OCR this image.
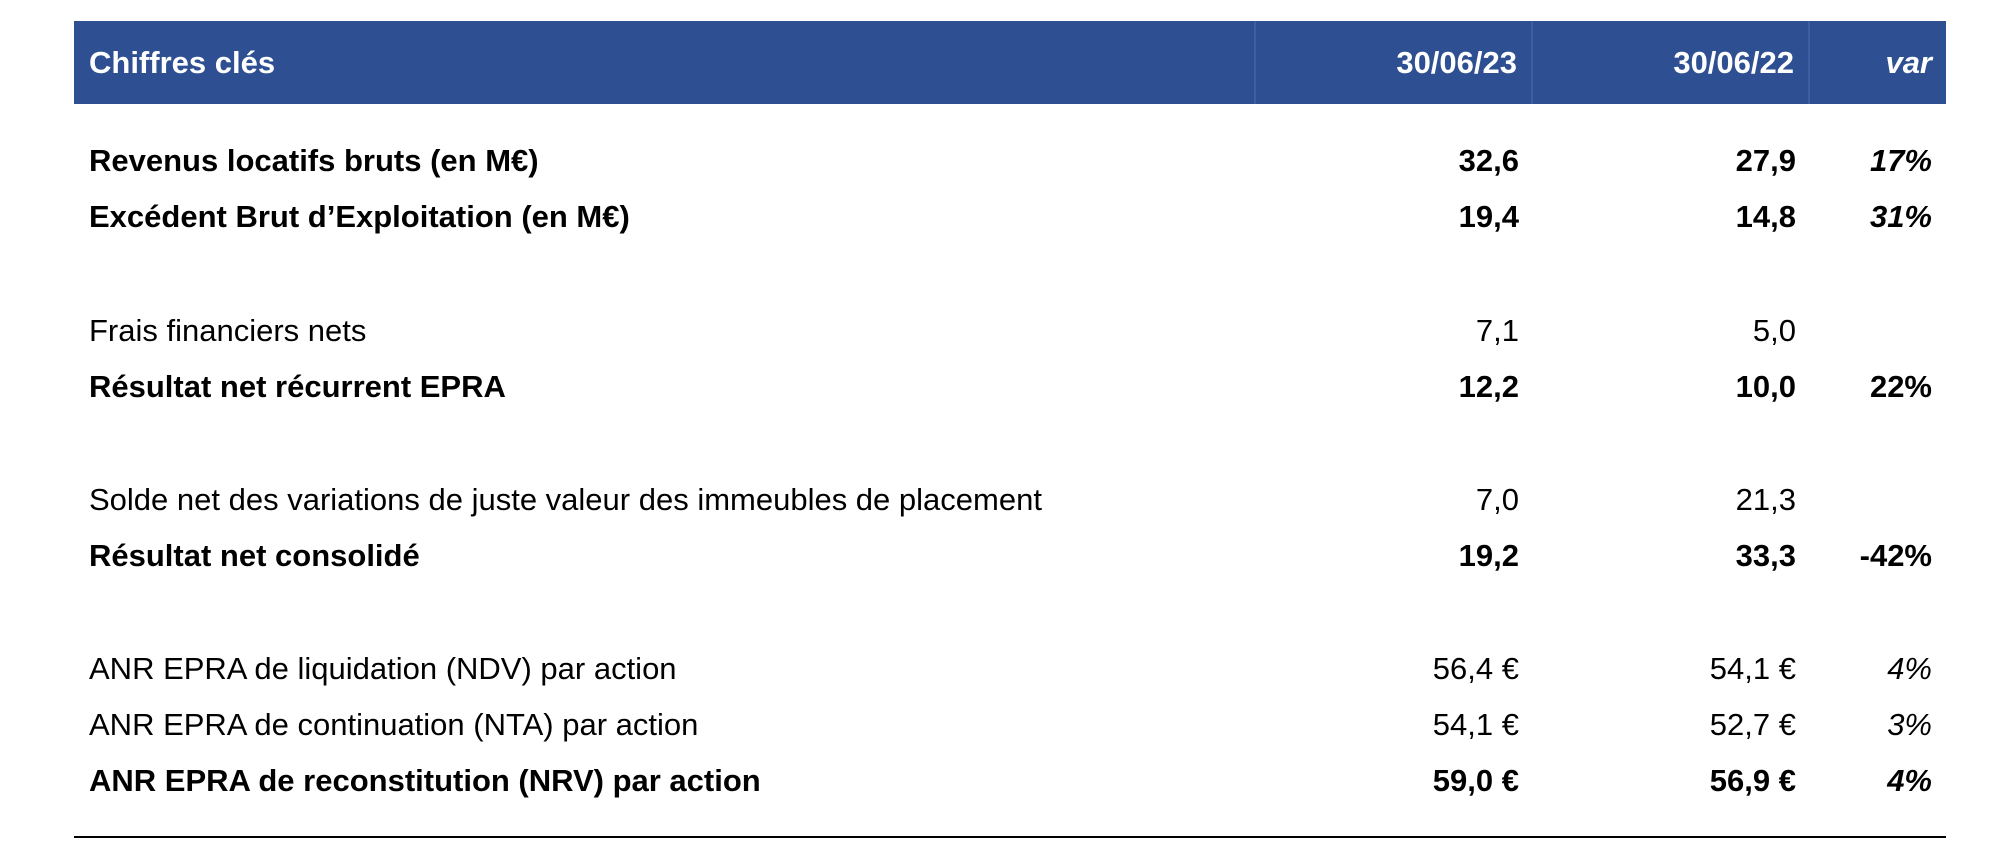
Chiffres clés	30/06/23	30/06/22	var
Revenus locatifs bruts (en M€)	32,6	27,9	17%
Excédent Brut d’Exploitation (en M€)	19,4	14,8	31%
Frais financiers nets	7,1	5,0
Résultat net récurrent EPRA	12,2	10,0	22%
Solde net des variations de juste valeur des immeubles de placement	7,0	21,3
Résultat net consolidé	19,2	33,3	-42%
ANR EPRA de liquidation (NDV) par action	56,4 €	54,1 €	4%
ANR EPRA de continuation (NTA) par action	54,1 €	52,7 €	3%
ANR EPRA de reconstitution (NRV) par action	59,0 €	56,9 €	4%
